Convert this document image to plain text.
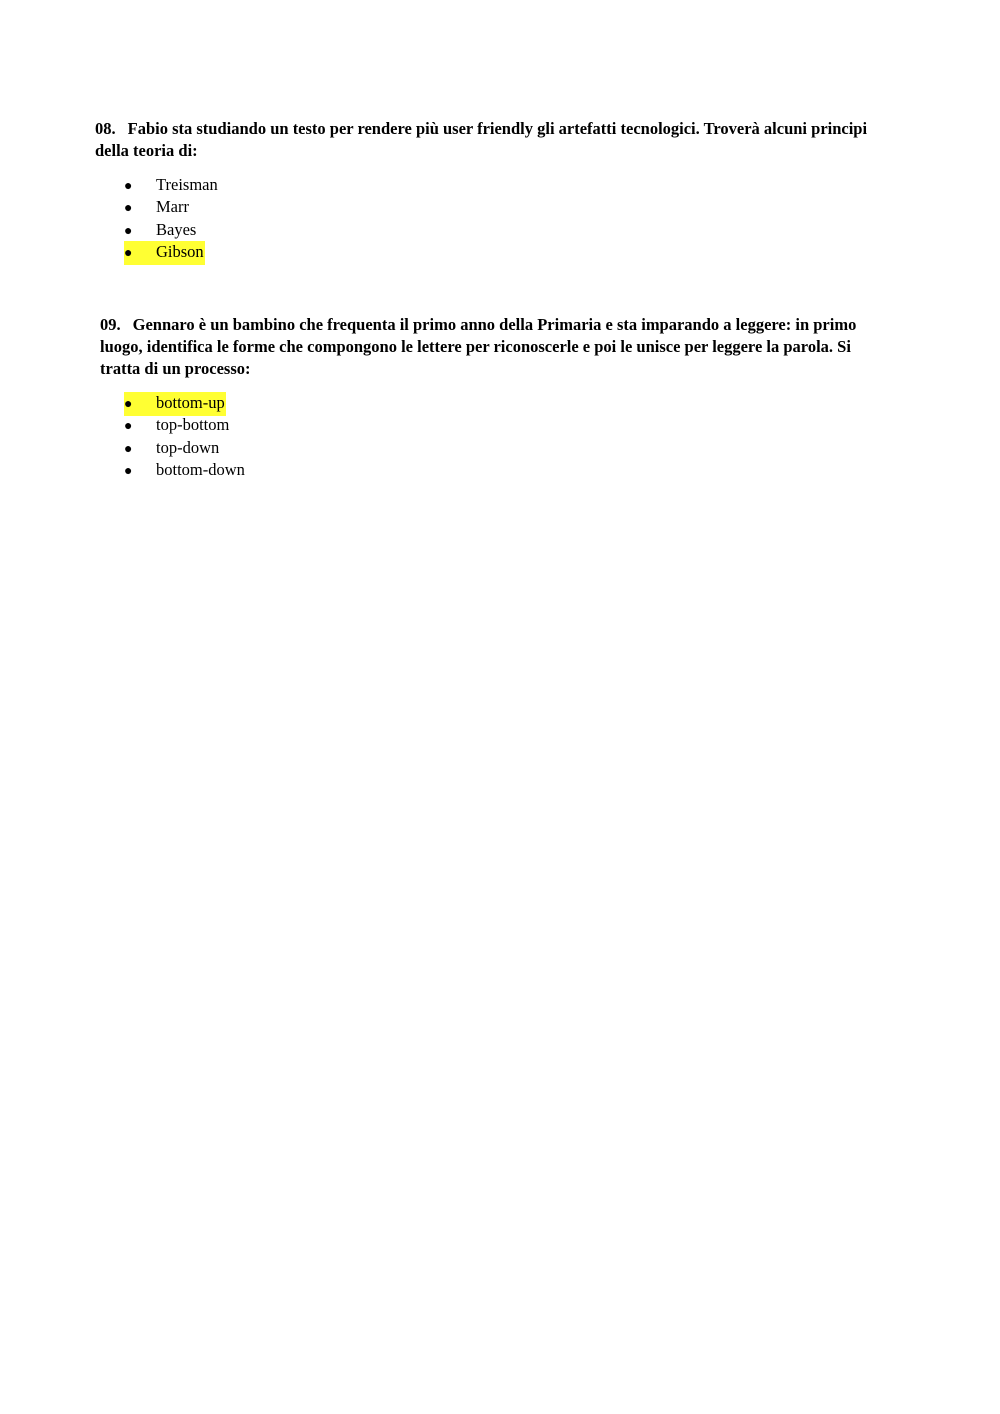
08. Fabio sta studiando un testo per rendere più user friendly gli artefatti tecnologici. Troverà alcuni principi della teoria di:

● Treisman
● Marr
● Bayes
● Gibson

09. Gennaro è un bambino che frequenta il primo anno della Primaria e sta imparando a leggere: in primo luogo, identifica le forme che compongono le lettere per riconoscerle e poi le unisce per leggere la parola. Si tratta di un processo:

● bottom-up
● top-bottom
● top-down
● bottom-down
